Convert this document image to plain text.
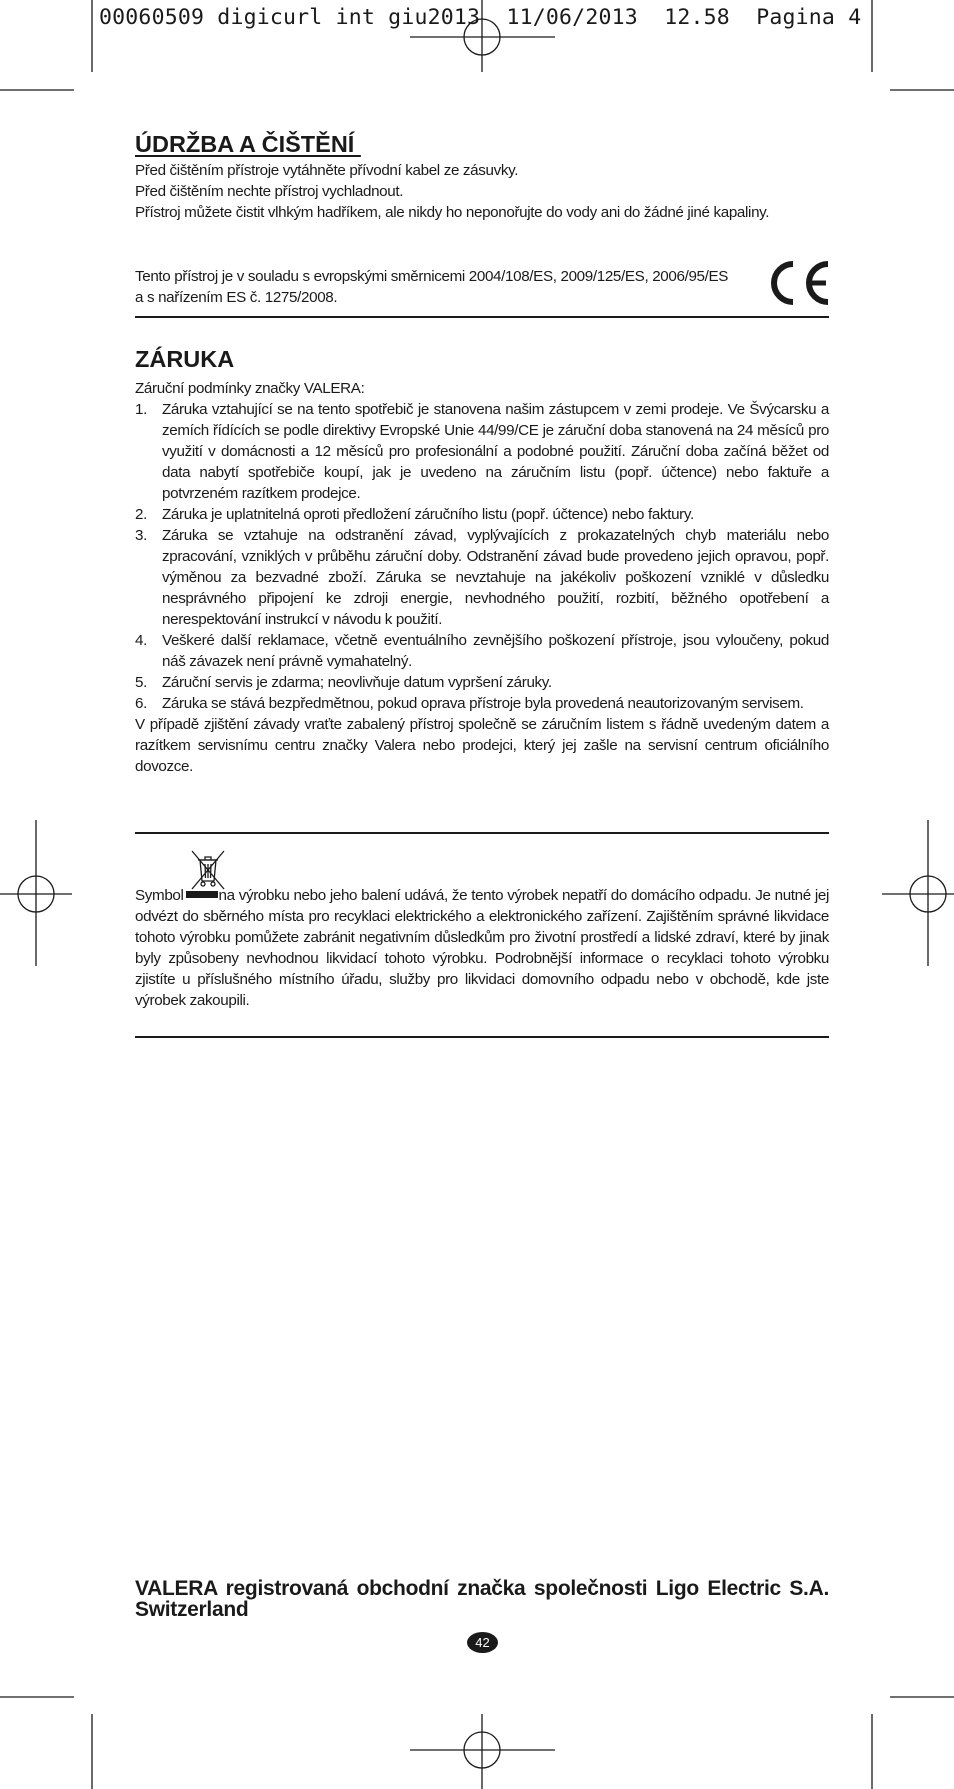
00060509 digicurl int giu2013  11/06/2013  12.58  Pagina 4
ÚDRŽBA A ČIŠTĚNÍ

Před čištěním přístroje vytáhněte přívodní kabel ze zásuvky.

Před čištěním nechte přístroj vychladnout.

Přístroj můžete čistit vlhkým hadříkem, ale nikdy ho neponořujte do vody ani do žádné jiné kapaliny.

Tento přístroj je v souladu s evropskými směrnicemi 2004/108/ES, 2009/125/ES, 2006/95/ES a s nařízením ES č. 1275/2008.
ZÁRUKA

Záruční podmínky značky VALERA:

1. Záruka vztahující se na tento spotřebič je stanovena našim zástupcem v zemi prodeje. Ve Švýcarsku a zemích řídících se podle direktivy Evropské Unie 44/99/CE je záruční doba stanovená na 24 měsíců pro využití v domácnosti a 12 měsíců pro profesionální a podobné použití. Záruční doba začíná běžet od data nabytí spotřebiče koupí, jak je uvedeno na záručním listu (popř. účtence) nebo faktuře a potvrzeném razítkem prodejce.
2. Záruka je uplatnitelná oproti předložení záručního listu (popř. účtence) nebo faktury.
3. Záruka se vztahuje na odstranění závad, vyplývajících z prokazatelných chyb materiálu nebo zpracování, vzniklých v průběhu záruční doby. Odstranění závad bude provedeno jejich opravou, popř. výměnou za bezvadné zboží. Záruka se nevztahuje na jakékoliv poškození vzniklé v důsledku nesprávného připojení ke zdroji energie, nevhodného použití, rozbití, běžného opotřebení a nerespektování instrukcí v návodu k použití.
4. Veškeré další reklamace, včetně eventuálního zevnějšího poškození přístroje, jsou vyloučeny, pokud náš závazek není právně vymahatelný.
5. Záruční servis je zdarma; neovlivňuje datum vypršení záruky.
6. Záruka se stává bezpředmětnou, pokud oprava přístroje byla provedená neautorizovaným servisem.

V případě zjištění závady vraťte zabalený přístroj společně se záručním listem s řádně uvedeným datem a razítkem servisnímu centru značky Valera nebo prodejci, který jej zašle na servisní centrum oficiálního dovozce.

Symbol na výrobku nebo jeho balení udává, že tento výrobek nepatří do domácího odpadu. Je nutné jej odvézt do sběrného místa pro recyklaci elektrického a elektronického zařízení. Zajištěním správné likvidace tohoto výrobku pomůžete zabránit negativním důsledkům pro životní prostředí a lidské zdraví, které by jinak byly způsobeny nevhodnou likvidací tohoto výrobku. Podrobnější informace o recyklaci tohoto výrobku zjistíte u příslušného místního úřadu, služby pro likvidaci domovního odpadu nebo v obchodě, kde jste výrobek zakoupili.

VALERA registrovaná obchodní značka společnosti Ligo Electric S.A. Switzerland
42
